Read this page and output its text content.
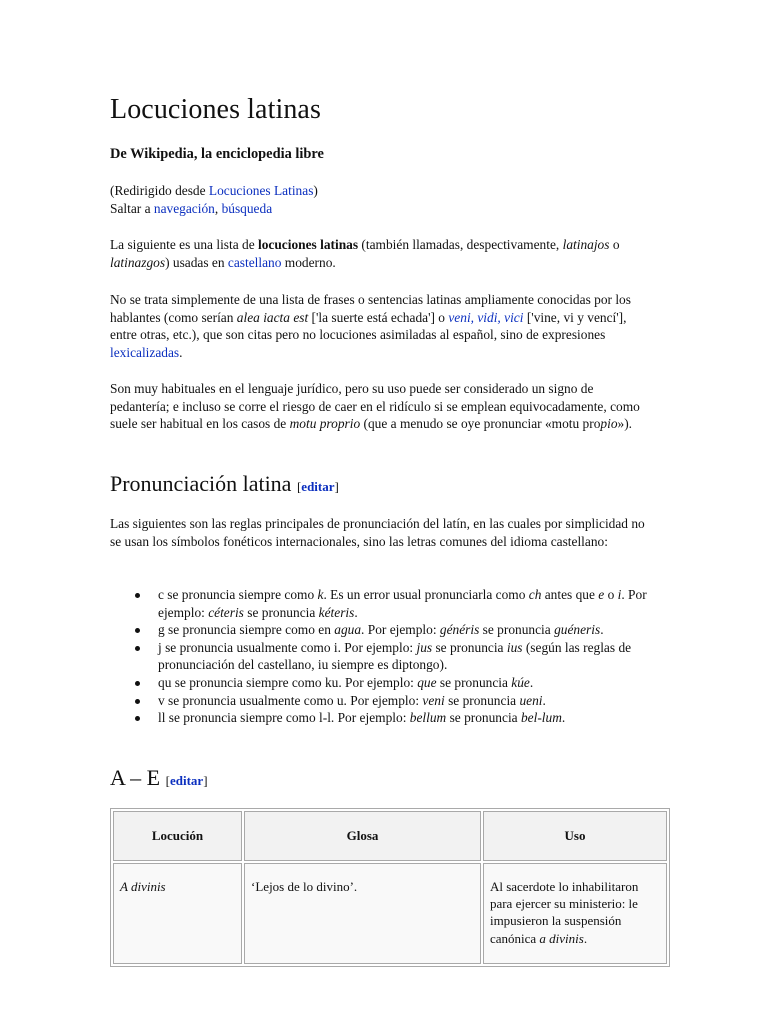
Locuciones latinas
De Wikipedia, la enciclopedia libre
(Redirigido desde Locuciones Latinas)
Saltar a navegación, búsqueda

La siguiente es una lista de locuciones latinas (también llamadas, despectivamente, latinajos o latinazgos) usadas en castellano moderno.

No se trata simplemente de una lista de frases o sentencias latinas ampliamente conocidas por los hablantes (como serían alea iacta est ['la suerte está echada'] o veni, vidi, vici ['vine, vi y vencí'], entre otras, etc.), que son citas pero no locuciones asimiladas al español, sino de expresiones lexicalizadas.

Son muy habituales en el lenguaje jurídico, pero su uso puede ser considerado un signo de pedantería; e incluso se corre el riesgo de caer en el ridículo si se emplean equivocadamente, como suele ser habitual en los casos de motu proprio (que a menudo se oye pronunciar «motu propio»).

Pronunciación latina [editar]

Las siguientes son las reglas principales de pronunciación del latín, en las cuales por simplicidad no se usan los símbolos fonéticos internacionales, sino las letras comunes del idioma castellano:

c se pronuncia siempre como k. Es un error usual pronunciarla como ch antes que e o i. Por ejemplo: céteris se pronuncia kéteris.
g se pronuncia siempre como en agua. Por ejemplo: généris se pronuncia guéneris.
j se pronuncia usualmente como i. Por ejemplo: jus se pronuncia ius (según las reglas de pronunciación del castellano, iu siempre es diptongo).
qu se pronuncia siempre como ku. Por ejemplo: que se pronuncia kúe.
v se pronuncia usualmente como u. Por ejemplo: veni se pronuncia ueni.
ll se pronuncia siempre como l-l. Por ejemplo: bellum se pronuncia bel-lum.
A – E [editar]
Locución	Glosa	Uso
A divinis	‘Lejos de lo divino’.	Al sacerdote lo inhabilitaron para ejercer su ministerio: le impusieron la suspensión canónica a divinis.
